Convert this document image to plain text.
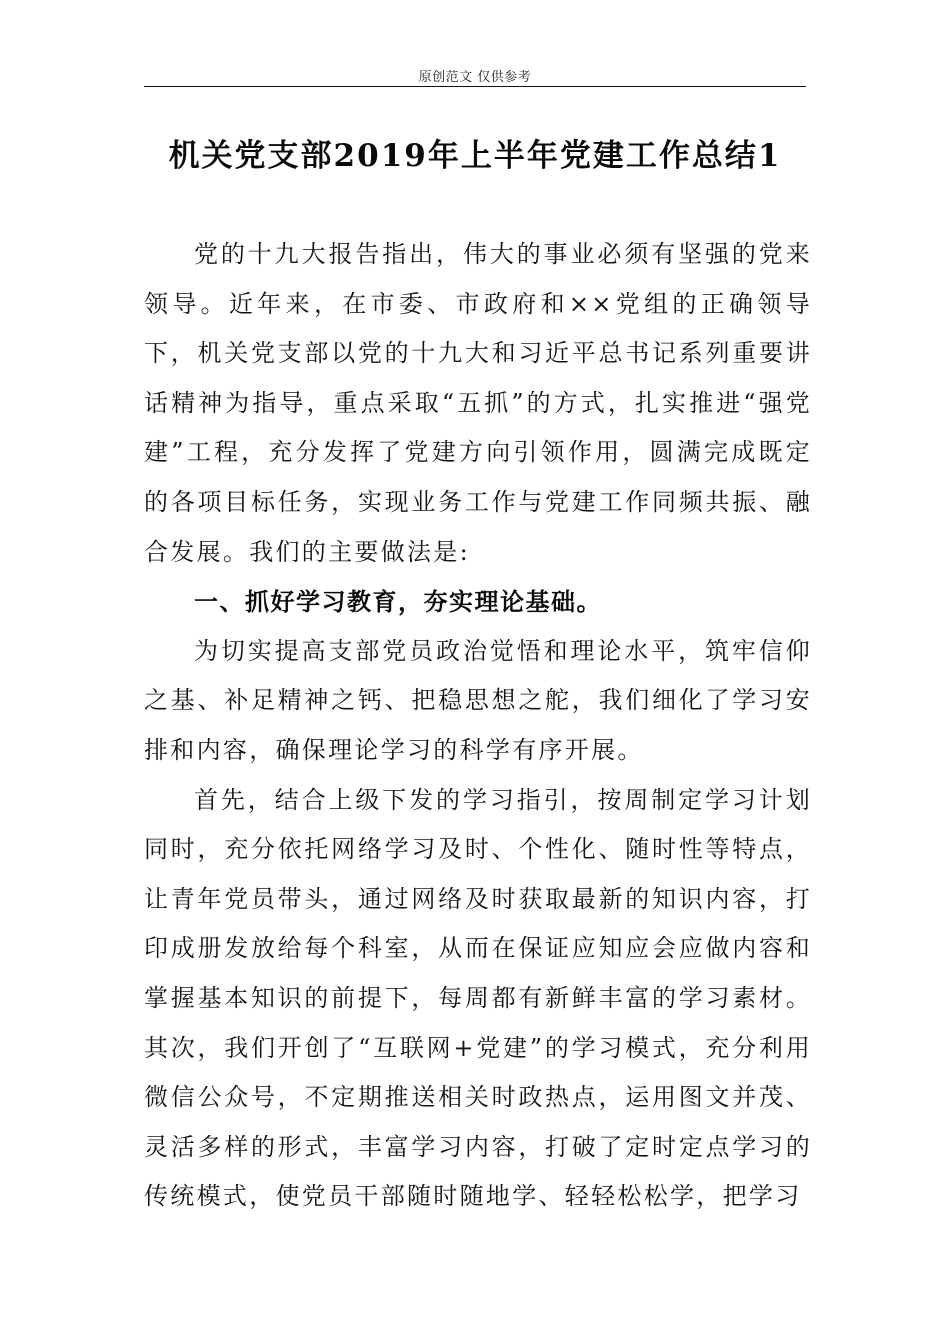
原创范文 仅供参考
机关党支部2019年上半年党建工作总结1

党的十九大报告指出，伟大的事业必须有坚强的党来领导。近年来，在市委、市政府和××党组的正确领导下，机关党支部以党的十九大和习近平总书记系列重要讲话精神为指导，重点采取“五抓”的方式，扎实推进“强党建”工程，充分发挥了党建方向引领作用，圆满完成既定的各项目标任务，实现业务工作与党建工作同频共振、融合发展。我们的主要做法是:

一、抓好学习教育，夯实理论基础。

为切实提高支部党员政治觉悟和理论水平，筑牢信仰之基、补足精神之钙、把稳思想之舵，我们细化了学习安排和内容，确保理论学习的科学有序开展。

首先，结合上级下发的学习指引，按周制定学习计划同时，充分依托网络学习及时、个性化、随时性等特点，让青年党员带头，通过网络及时获取最新的知识内容，打印成册发放给每个科室，从而在保证应知应会应做内容和掌握基本知识的前提下，每周都有新鲜丰富的学习素材。其次，我们开创了“互联网+党建”的学习模式，充分利用微信公众号，不定期推送相关时政热点，运用图文并茂、灵活多样的形式，丰富学习内容，打破了定时定点学习的传统模式，使党员干部随时随地学、轻轻松松学，把学习
